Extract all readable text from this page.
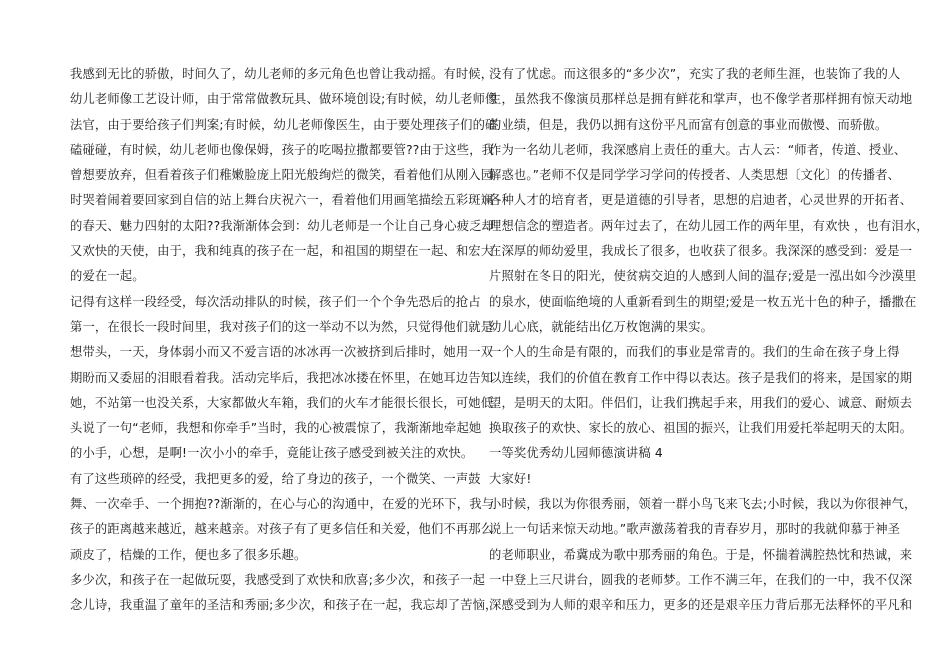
我感到无比的骄傲，时间久了，幼儿老师的多元角色也曾让我动摇。有时候，
幼儿老师像工艺设计师，由于常常做教玩具、做环境创设;有时候，幼儿老师像
法官，由于要给孩子们判案;有时候，幼儿老师像医生，由于要处理孩子们的磕
磕碰碰，有时候，幼儿老师也像保姆，孩子的吃喝拉撒都要管??由于这些，我
曾想要放弃，但看着孩子们稚嫩脸庞上阳光般绚烂的微笑，看着他们从刚入园
时哭着闹着要回家到自信的站上舞台庆祝六一，看着他们用画笔描绘五彩斑斓
的春天、魅力四射的太阳??我渐渐体会到：幼儿老师是一个让自己身心疲乏却
又欢快的天使，由于，我和纯真的孩子在一起，和祖国的期望在一起、和宏大
的爱在一起。
记得有这样一段经受，每次活动排队的时候，孩子们一个个争先恐后的抢占
第一，在很长一段时间里，我对孩子们的这一举动不以为然，只觉得他们就是
想带头，一天，身体弱小而又不爱言语的冰冰再一次被挤到后排时，她用一双
期盼而又委屈的泪眼看着我。活动完毕后，我把冰冰搂在怀里，在她耳边告知
她，不站第一也没关系，大家都做火车箱，我们的火车才能很长很长，可她低
头说了一句“老师，我想和你牵手”当时，我的心被震惊了，我渐渐地牵起她
的小手，心想，是啊!一次小小的牵手，竟能让孩子感受到被关注的欢快。
有了这些琐碎的经受，我把更多的爱，给了身边的孩子，一个微笑、一声鼓
舞、一次牵手、一个拥抱??渐渐的，在心与心的沟通中，在爱的光环下，我与
孩子的距离越来越近，越来越亲。对孩子有了更多信任和关爱，他们不再那么
顽皮了，桔燥的工作，便也多了很多乐趣。
多少次，和孩子在一起做玩耍，我感受到了欢快和欣喜;多少次，和孩子一起
念儿诗，我重温了童年的圣洁和秀丽;多少次，和孩子在一起，我忘却了苦恼，
没有了忧虑。而这很多的“多少次”，充实了我的老师生涯，也装饰了我的人
生，虽然我不像演员那样总是拥有鲜花和掌声，也不像学者那样拥有惊天动地
的业绩，但是，我仍以拥有这份平凡而富有创意的事业而傲慢、而骄傲。
作为一名幼儿老师，我深感肩上责任的重大。古人云：“师者，传道、授业、
解惑也。”老师不仅是同学学习学问的传授者、人类思想〔文化〕的传播者、
各种人才的培育者，更是道德的引导者，思想的启迪者，心灵世界的开拓者、
理想信念的塑造者。两年过去了，在幼儿园工作的两年里，有欢快 ，也有泪水，
在深厚的师幼爱里，我成长了很多，也收获了很多。我深深的感受到：爱是一
片照射在冬日的阳光，使贫病交迫的人感到人间的温存;爱是一泓出如今沙漠里
的泉水，使面临绝境的人重新看到生的期望;爱是一枚五光十色的种子，播撒在
幼儿心底，就能结出亿万枚饱满的果实。
一个人的生命是有限的，而我们的事业是常青的。我们的生命在孩子身上得
以连续，我们的价值在教育工作中得以表达。孩子是我们的将来，是国家的期
望，是明天的太阳。伴侣们，让我们携起手来，用我们的爱心、诚意、耐烦去
换取孩子的欢快、家长的放心、祖国的振兴，让我们用爱托举起明天的太阳。
一等奖优秀幼儿园师德演讲稿 4
大家好!
小时候，我以为你很秀丽，领着一群小鸟飞来飞去;小时候，我以为你很神气，
说上一句话来惊天动地。”歌声激荡着我的青春岁月，那时的我就仰慕于神圣
的老师职业，希冀成为歌中那秀丽的角色。于是，怀揣着满腔热忱和热诚，来
一中登上三尺讲台，圆我的老师梦。工作不满三年，在我们的一中，我不仅深
深感受到为人师的艰辛和压力，更多的还是艰辛压力背后那无法释怀的平凡和
